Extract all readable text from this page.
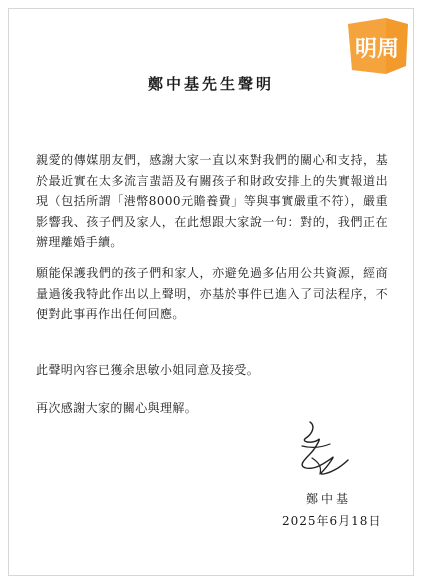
明周
鄭中基先生聲明

親愛的傳媒朋友們，感謝大家一直以來對我們的關心和支持，基於最近實在太多流言蜚語及有關孩子和財政安排上的失實報道出現（包括所謂「港幣8000元贍養費」等與事實嚴重不符），嚴重影響我、孩子們及家人，在此想跟大家說一句：對的，我們正在辦理離婚手續。

願能保護我們的孩子們和家人，亦避免過多佔用公共資源，經商量過後我特此作出以上聲明，亦基於事件已進入了司法程序，不便對此事再作出任何回應。

此聲明內容已獲余思敏小姐同意及接受。

再次感謝大家的關心與理解。

鄭中基
2025年6月18日
